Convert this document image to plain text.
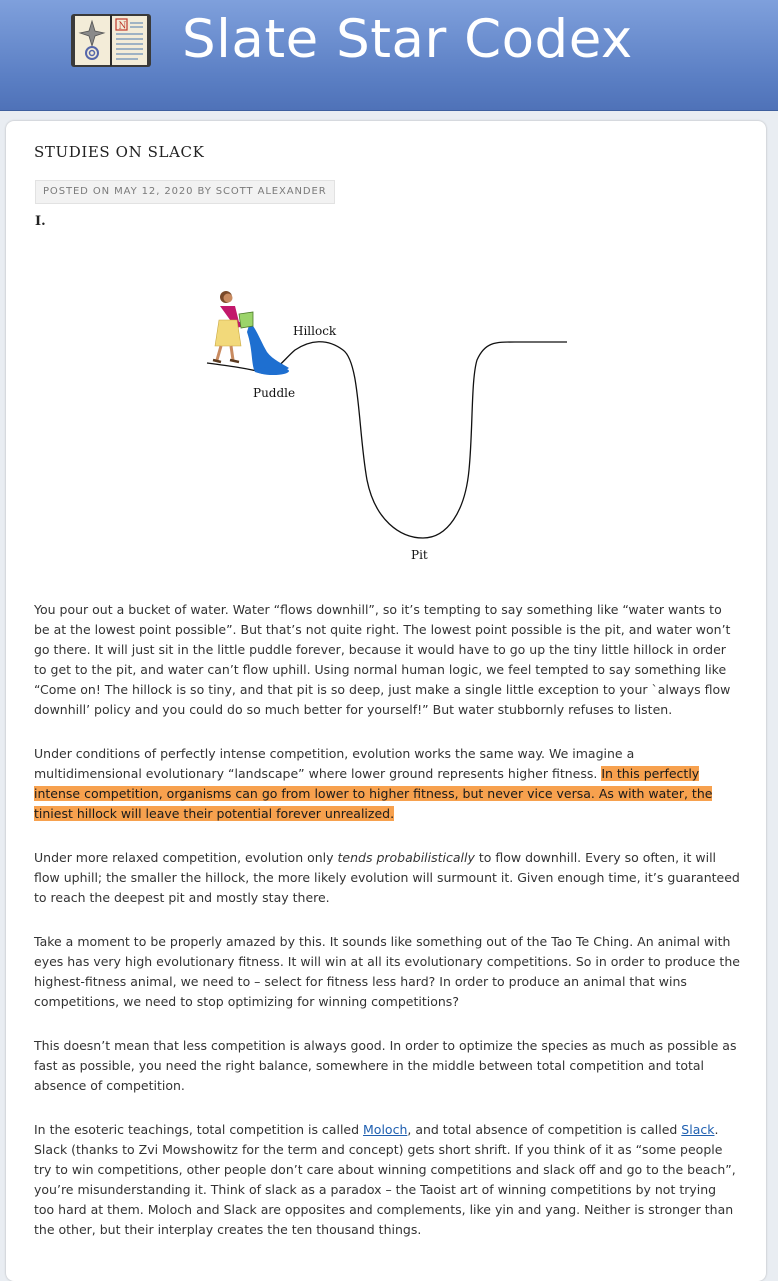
N Slate Star Codex
STUDIES ON SLACK
POSTED ON MAY 12, 2020 BY SCOTT ALEXANDER
I.
Hillock
Puddle
Pit

You pour out a bucket of water. Water “flows downhill”, so it’s tempting to say something like “water wants to be at the lowest point possible”. But that’s not quite right. The lowest point possible is the pit, and water won’t go there. It will just sit in the little puddle forever, because it would have to go up the tiny little hillock in order to get to the pit, and water can’t flow uphill. Using normal human logic, we feel tempted to say something like “Come on! The hillock is so tiny, and that pit is so deep, just make a single little exception to your `always flow downhill’ policy and you could do so much better for yourself!” But water stubbornly refuses to listen.

Under conditions of perfectly intense competition, evolution works the same way. We imagine a multidimensional evolutionary “landscape” where lower ground represents higher fitness. In this perfectly intense competition, organisms can go from lower to higher fitness, but never vice versa. As with water, the tiniest hillock will leave their potential forever unrealized.

Under more relaxed competition, evolution only tends probabilistically to flow downhill. Every so often, it will flow uphill; the smaller the hillock, the more likely evolution will surmount it. Given enough time, it’s guaranteed to reach the deepest pit and mostly stay there.

Take a moment to be properly amazed by this. It sounds like something out of the Tao Te Ching. An animal with eyes has very high evolutionary fitness. It will win at all its evolutionary competitions. So in order to produce the highest-fitness animal, we need to – select for fitness less hard? In order to produce an animal that wins competitions, we need to stop optimizing for winning competitions?

This doesn’t mean that less competition is always good. In order to optimize the species as much as possible as fast as possible, you need the right balance, somewhere in the middle between total competition and total absence of competition.

In the esoteric teachings, total competition is called Moloch, and total absence of competition is called Slack. Slack (thanks to Zvi Mowshowitz for the term and concept) gets short shrift. If you think of it as “some people try to win competitions, other people don’t care about winning competitions and slack off and go to the beach”, you’re misunderstanding it. Think of slack as a paradox – the Taoist art of winning competitions by not trying too hard at them. Moloch and Slack are opposites and complements, like yin and yang. Neither is stronger than the other, but their interplay creates the ten thousand things.
